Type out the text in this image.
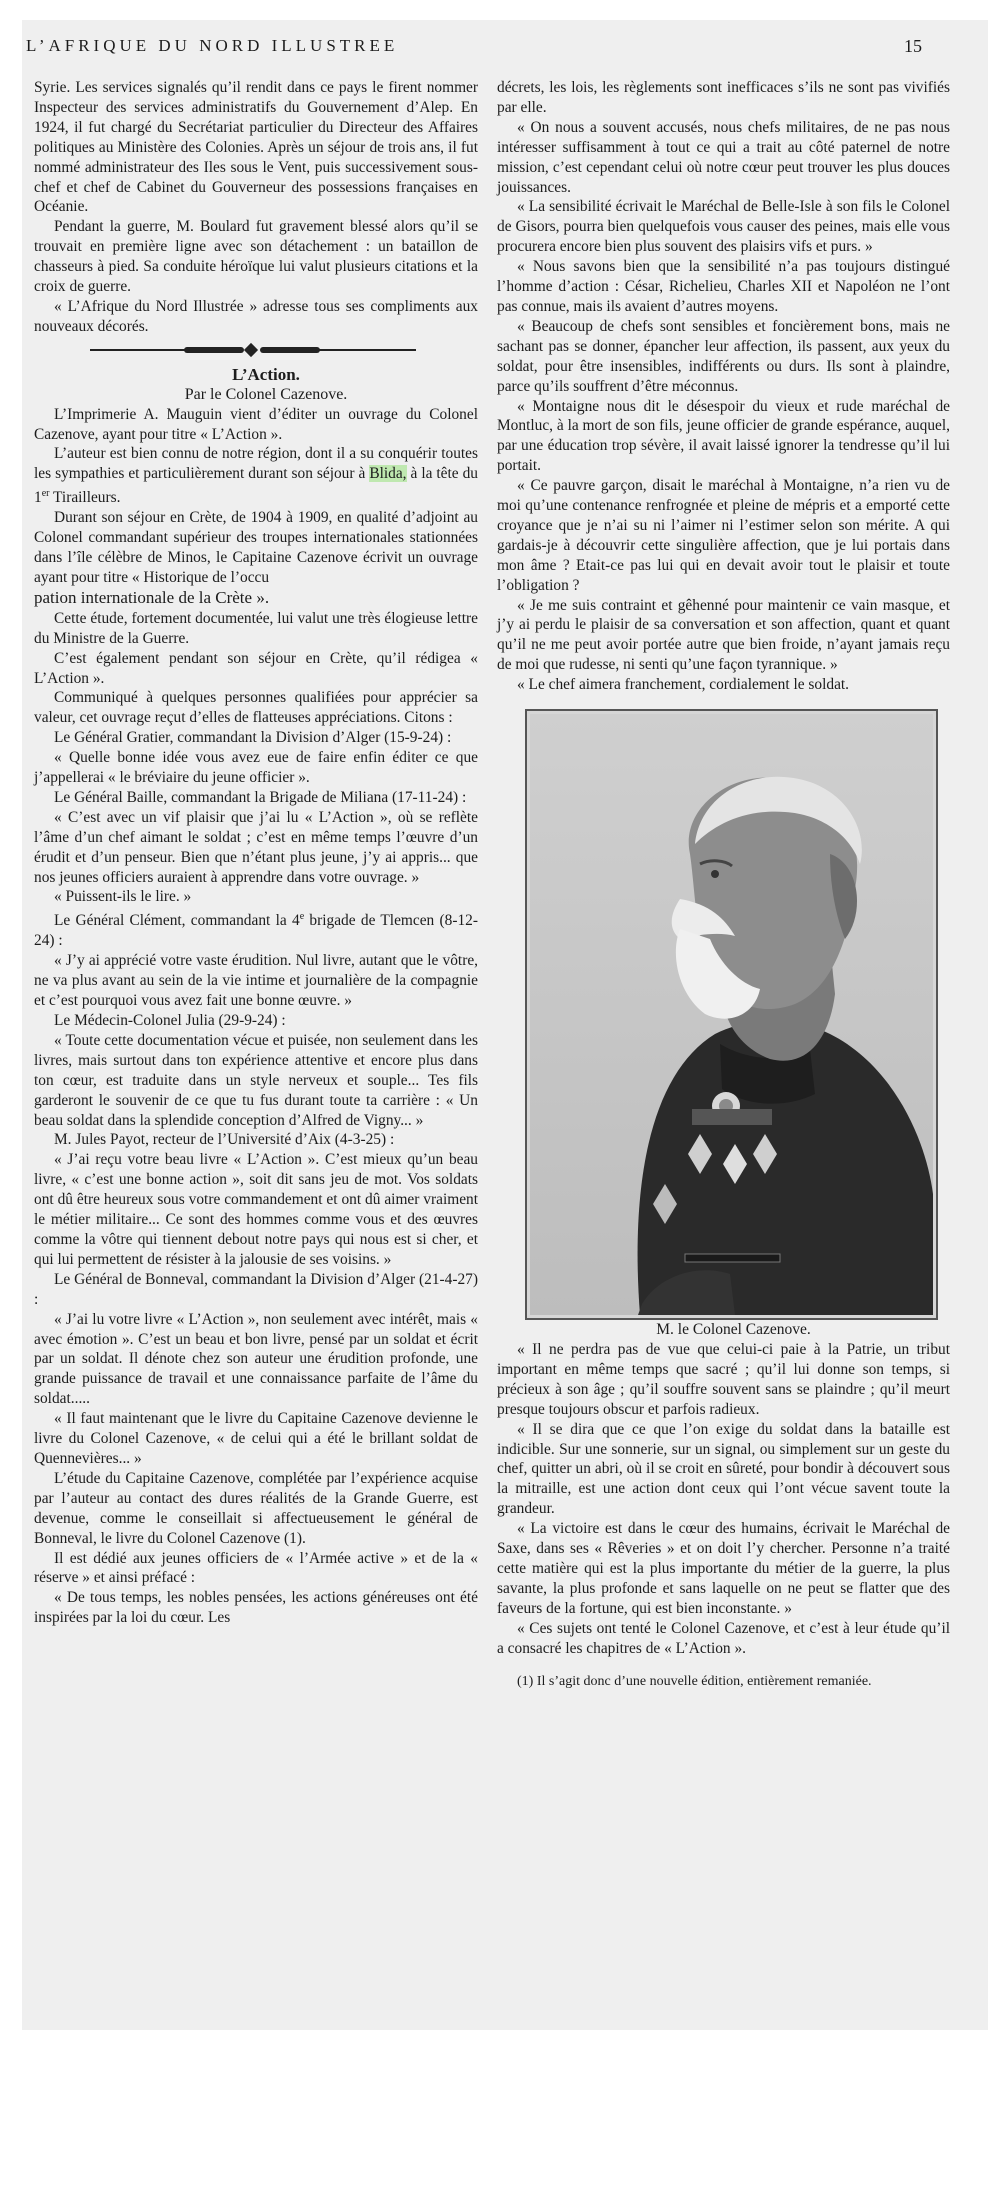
L’AFRIQUE DU NORD ILLUSTREE	15

Syrie. Les services signalés qu’il rendit dans ce pays le firent nommer Inspecteur des services administratifs du Gouvernement d’Alep. En 1924, il fut chargé du Secrétariat particulier du Directeur des Affaires politiques au Ministère des Colonies. Après un séjour de trois ans, il fut nommé administrateur des Iles sous le Vent, puis successivement sous-chef et chef de Cabinet du Gouverneur des possessions françaises en Océanie.

Pendant la guerre, M. Boulard fut gravement blessé alors qu’il se trouvait en première ligne avec son détachement : un bataillon de chasseurs à pied. Sa conduite héroïque lui valut plusieurs citations et la croix de guerre.

« L’Afrique du Nord Illustrée » adresse tous ses compliments aux nouveaux décorés.

L’Action.

Par le Colonel Cazenove.

L’Imprimerie A. Mauguin vient d’éditer un ouvrage du Colonel Cazenove, ayant pour titre « L’Action ».

L’auteur est bien connu de notre région, dont il a su conquérir toutes les sympathies et particulièrement durant son séjour à Blida, à la tête du 1er Tirailleurs.

Durant son séjour en Crète, de 1904 à 1909, en qualité d’adjoint au Colonel commandant supérieur des troupes internationales stationnées dans l’île célèbre de Minos, le Capitaine Cazenove écrivit un ouvrage ayant pour titre « Historique de l’occu
pation internationale de la Crète ».

Cette étude, fortement documentée, lui valut une très élogieuse lettre du Ministre de la Guerre.

C’est également pendant son séjour en Crète, qu’il rédigea « L’Action ».

Communiqué à quelques personnes qualifiées pour apprécier sa valeur, cet ouvrage reçut d’elles de flatteuses appréciations. Citons :

Le Général Gratier, commandant la Division d’Alger (15-9-24) :

« Quelle bonne idée vous avez eue de faire enfin éditer ce que j’appellerai « le bréviaire du jeune officier ».

Le Général Baille, commandant la Brigade de Miliana (17-11-24) :

« C’est avec un vif plaisir que j’ai lu « L’Action », où se reflète l’âme d’un chef aimant le soldat ; c’est en même temps l’œuvre d’un érudit et d’un penseur. Bien que n’étant plus jeune, j’y ai appris... que nos jeunes officiers auraient à apprendre dans votre ouvrage. »

« Puissent-ils le lire. »

Le Général Clément, commandant la 4e brigade de Tlemcen (8-12-24) :

« J’y ai apprécié votre vaste érudition. Nul livre, autant que le vôtre, ne va plus avant au sein de la vie intime et journalière de la compagnie et c’est pourquoi vous avez fait une bonne œuvre. »

Le Médecin-Colonel Julia (29-9-24) :

« Toute cette documentation vécue et puisée, non seulement dans les livres, mais surtout dans ton expérience attentive et encore plus dans ton cœur, est traduite dans un style nerveux et souple... Tes fils garderont le souvenir de ce que tu fus durant toute ta carrière : « Un beau soldat dans la splendide conception d’Alfred de Vigny... »

M. Jules Payot, recteur de l’Université d’Aix (4-3-25) :

« J’ai reçu votre beau livre « L’Action ». C’est mieux qu’un beau livre, « c’est une bonne action », soit dit sans jeu de mot. Vos soldats ont dû être heureux sous votre commandement et ont dû aimer vraiment le métier militaire... Ce sont des hommes comme vous et des œuvres comme la vôtre qui tiennent debout notre pays qui nous est si cher, et qui lui permettent de résister à la jalousie de ses voisins. »

Le Général de Bonneval, commandant la Division d’Alger (21-4-27) :

« J’ai lu votre livre « L’Action », non seulement avec intérêt, mais « avec émotion ». C’est un beau et bon livre, pensé par un soldat et écrit par un soldat. Il dénote chez son auteur une érudition profonde, une grande puissance de travail et une connaissance parfaite de l’âme du soldat.....

« Il faut maintenant que le livre du Capitaine Cazenove devienne le livre du Colonel Cazenove, « de celui qui a été le brillant soldat de Quennevières... »

L’étude du Capitaine Cazenove, complétée par l’expérience acquise par l’auteur au contact des dures réalités de la Grande Guerre, est devenue, comme le conseillait si affectueusement le général de Bonneval, le livre du Colonel Cazenove (1).

Il est dédié aux jeunes officiers de « l’Armée active » et de la « réserve » et ainsi préfacé :

« De tous temps, les nobles pensées, les actions généreuses ont été inspirées par la loi du cœur. Les

décrets, les lois, les règlements sont inefficaces s’ils ne sont pas vivifiés par elle.

« On nous a souvent accusés, nous chefs militaires, de ne pas nous intéresser suffisamment à tout ce qui a trait au côté paternel de notre mission, c’est cependant celui où notre cœur peut trouver les plus douces jouissances.

« La sensibilité écrivait le Maréchal de Belle-Isle à son fils le Colonel de Gisors, pourra bien quelquefois vous causer des peines, mais elle vous procurera encore bien plus souvent des plaisirs vifs et purs. »

« Nous savons bien que la sensibilité n’a pas toujours distingué l’homme d’action : César, Richelieu, Charles XII et Napoléon ne l’ont pas connue, mais ils avaient d’autres moyens.

« Beaucoup de chefs sont sensibles et foncièrement bons, mais ne sachant pas se donner, épancher leur affection, ils passent, aux yeux du soldat, pour être insensibles, indifférents ou durs. Ils sont à plaindre, parce qu’ils souffrent d’être méconnus.

« Montaigne nous dit le désespoir du vieux et rude maréchal de Montluc, à la mort de son fils, jeune officier de grande espérance, auquel, par une éducation trop sévère, il avait laissé ignorer la tendresse qu’il lui portait.

« Ce pauvre garçon, disait le maréchal à Montaigne, n’a rien vu de moi qu’une contenance renfrognée et pleine de mépris et a emporté cette croyance que je n’ai su ni l’aimer ni l’estimer selon son mérite. A qui gardais-je à découvrir cette singulière affection, que je lui portais dans mon âme ? Etait-ce pas lui qui en devait avoir tout le plaisir et toute l’obligation ?

« Je me suis contraint et gêhenné pour maintenir ce vain masque, et j’y ai perdu le plaisir de sa conversation et son affection, quant et quant qu’il ne me peut avoir portée autre que bien froide, n’ayant jamais reçu de moi que rudesse, ni senti qu’une façon tyrannique. »

« Le chef aimera franchement, cordialement le soldat.

M. le Colonel Cazenove.

« Il ne perdra pas de vue que celui-ci paie à la Patrie, un tribut important en même temps que sacré ; qu’il lui donne son temps, si précieux à son âge ; qu’il souffre souvent sans se plaindre ; qu’il meurt presque toujours obscur et parfois radieux.

« Il se dira que ce que l’on exige du soldat dans la bataille est indicible. Sur une sonnerie, sur un signal, ou simplement sur un geste du chef, quitter un abri, où il se croit en sûreté, pour bondir à découvert sous la mitraille, est une action dont ceux qui l’ont vécue savent toute la grandeur.

« La victoire est dans le cœur des humains, écrivait le Maréchal de Saxe, dans ses « Rêveries » et on doit l’y chercher. Personne n’a traité cette matière qui est la plus importante du métier de la guerre, la plus savante, la plus profonde et sans laquelle on ne peut se flatter que des faveurs de la fortune, qui est bien inconstante. »

« Ces sujets ont tenté le Colonel Cazenove, et c’est à leur étude qu’il a consacré les chapitres de « L’Action ».

(1) Il s’agit donc d’une nouvelle édition, entièrement remaniée.
